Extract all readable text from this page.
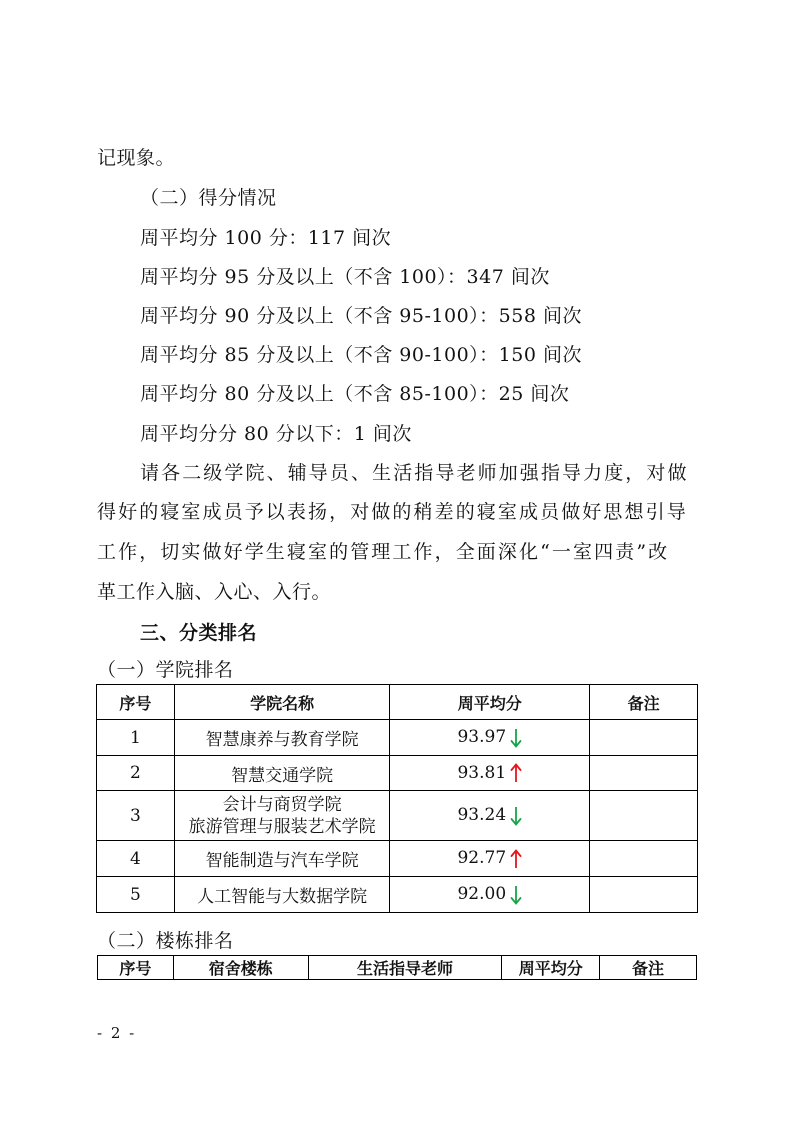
记现象。
（二）得分情况
周平均分 100 分：117 间次
周平均分 95 分及以上（不含 100）：347 间次
周平均分 90 分及以上（不含 95-100）：558 间次
周平均分 85 分及以上（不含 90-100）：150 间次
周平均分 80 分及以上（不含 85-100）：25 间次
周平均分分 80 分以下：1 间次
请各二级学院、辅导员、生活指导老师加强指导力度，对做
得好的寝室成员予以表扬，对做的稍差的寝室成员做好思想引导
工作，切实做好学生寝室的管理工作，全面深化“一室四责”改
革工作入脑、入心、入行。
三、分类排名
（一）学院排名
序号	学院名称	周平均分	备注
1	智慧康养与教育学院	93.97	
2	智慧交通学院	93.81	
3	会计与商贸学院
旅游管理与服装艺术学院	93.24	
4	智能制造与汽车学院	92.77	
5	人工智能与大数据学院	92.00	
（二）楼栋排名
序号	宿舍楼栋	生活指导老师	周平均分	备注
- 2 -
